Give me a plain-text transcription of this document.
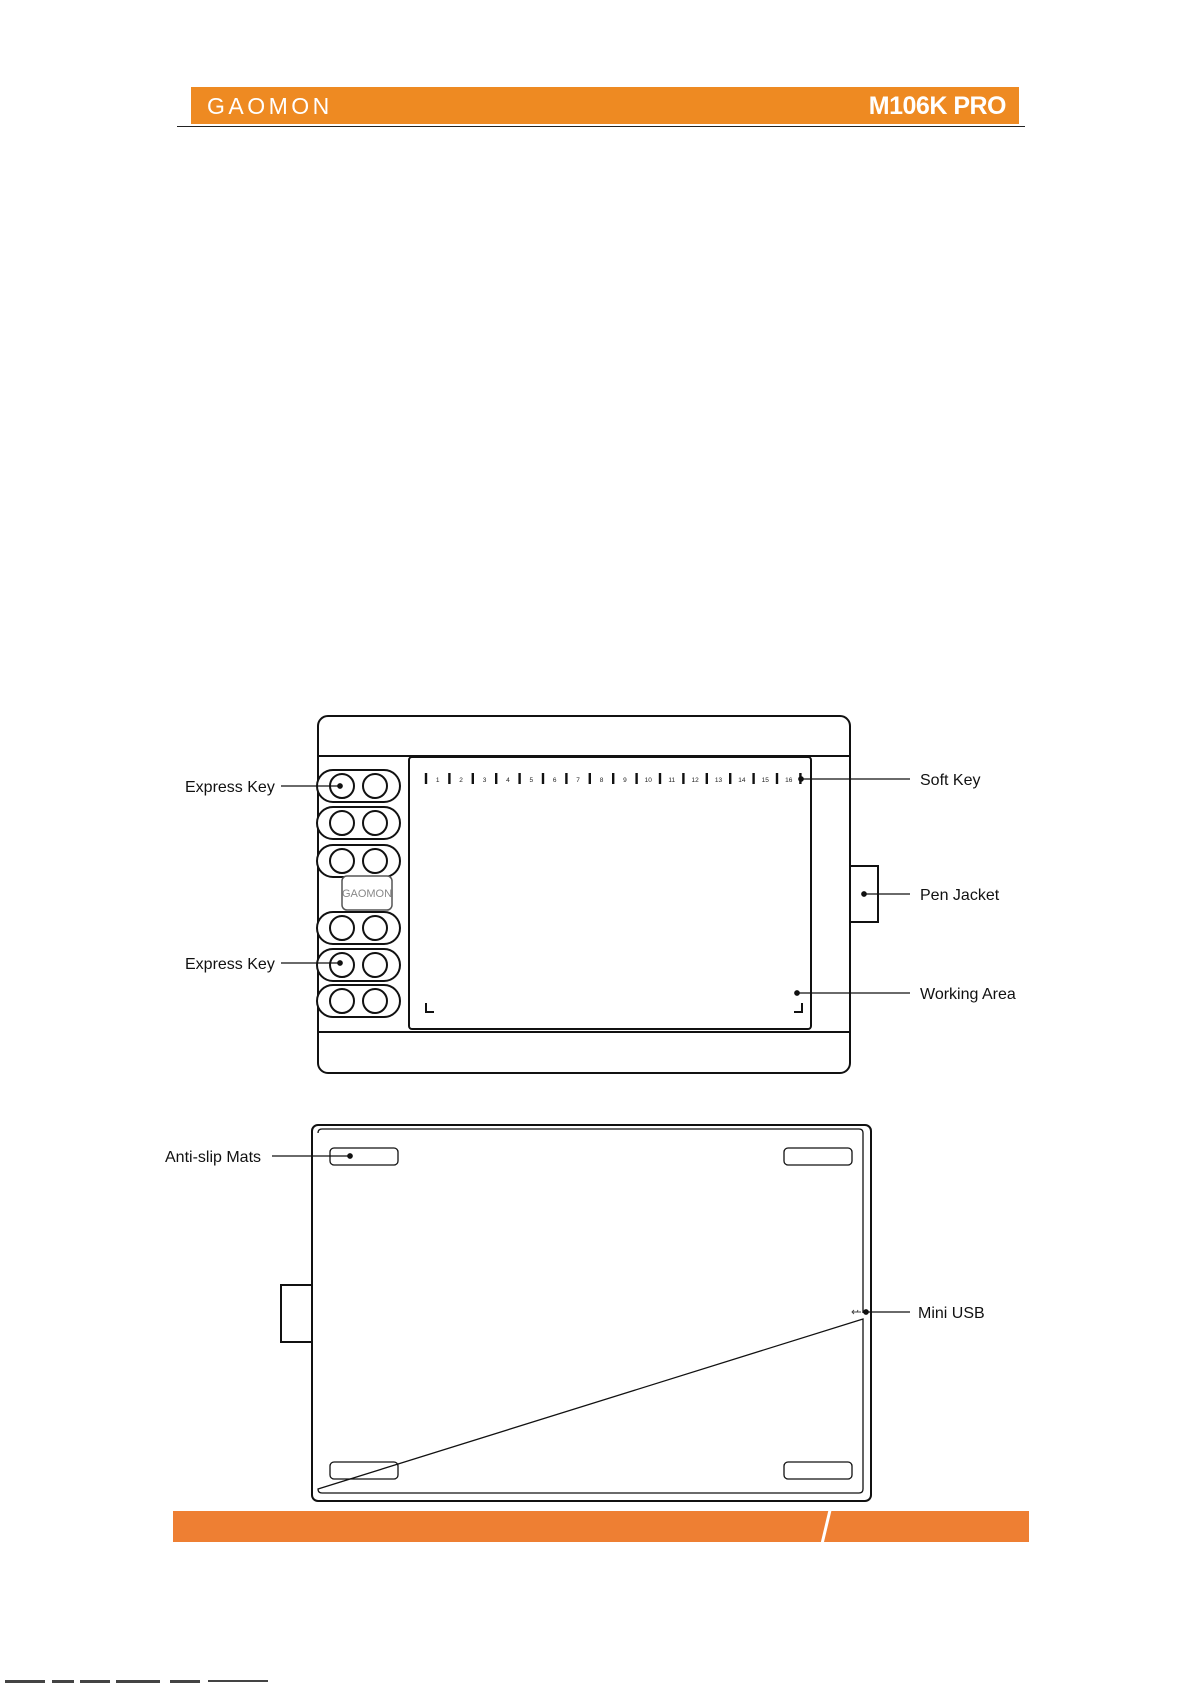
GAOMON	M106K PRO
GAOMON
1	2	3	4	5	6	7	8	9	10	11	12 13 14 15 16
Express Key
Express Key
Soft Key
Pen Jacket
Working Area
Anti-slip Mats
Mini USB
